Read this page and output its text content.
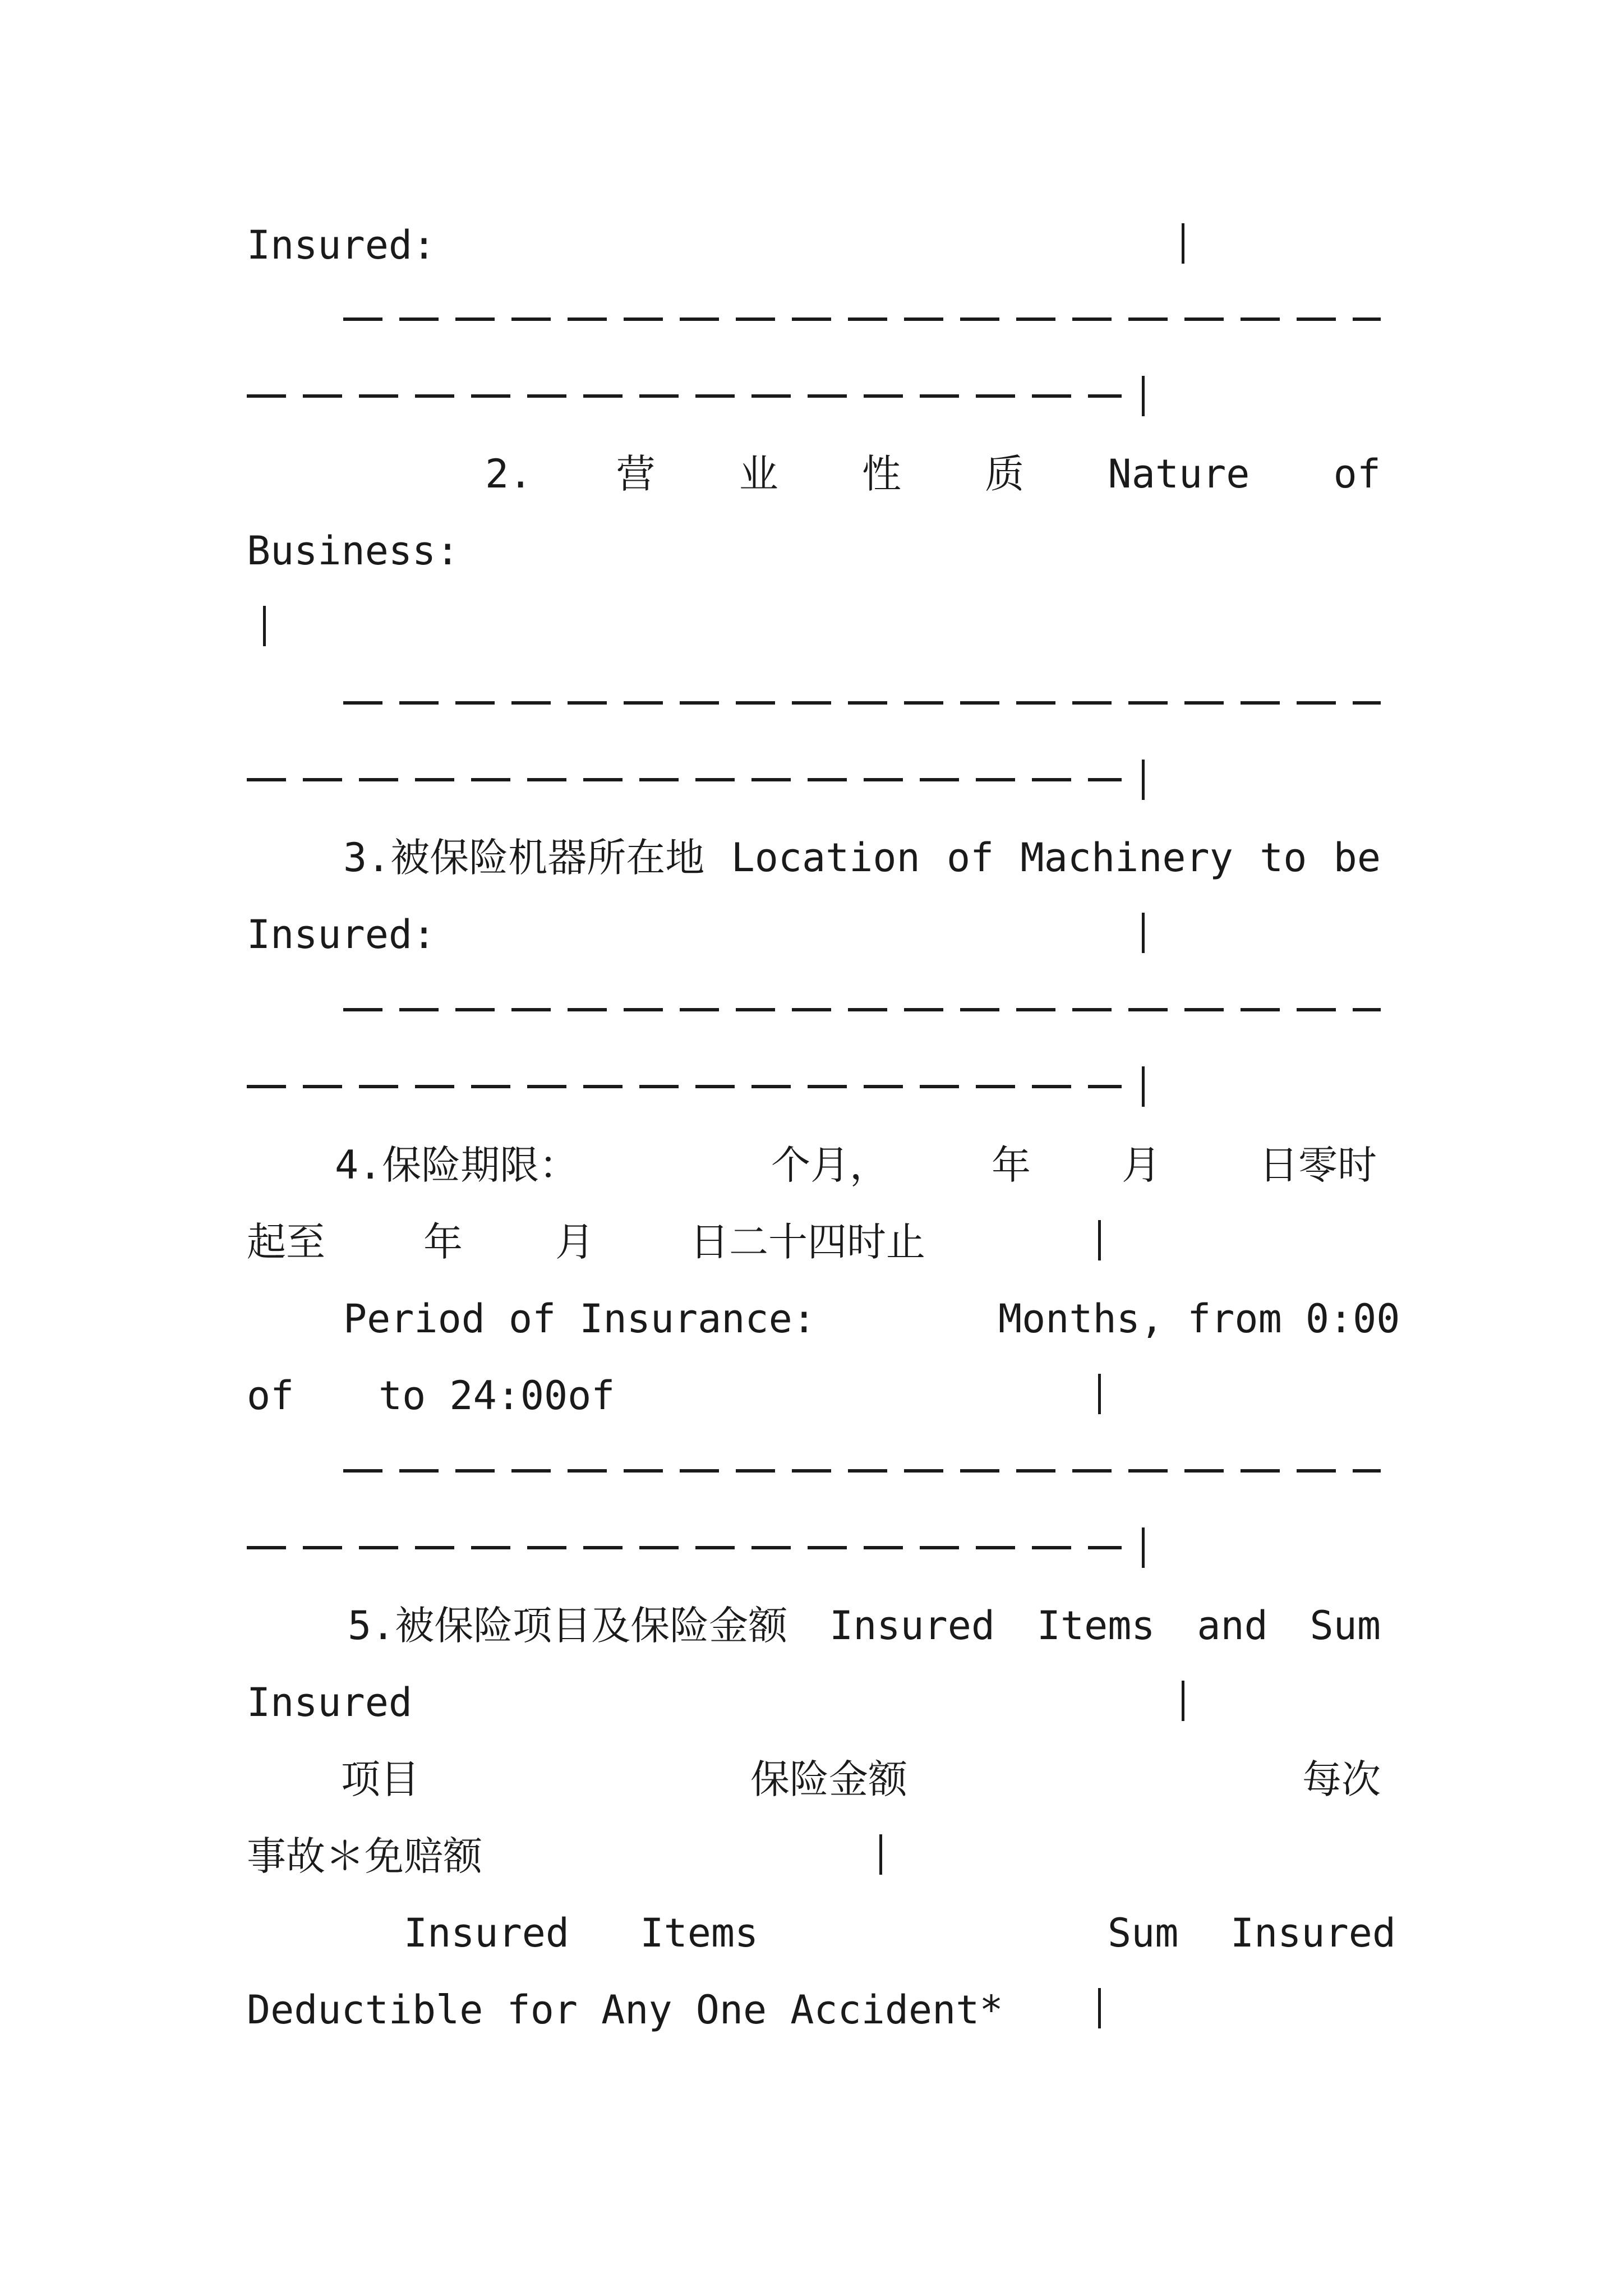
Insured:
2. 营 业 性 质 Nature of
Business:
3.被保险机器所在地 Location of Machinery to be
Insured:
4.保险期限：	个月，	年 月	日零时
起至	年 月 日二十四时止
Period of Insurance:	Months, from 0:00
of to 24:00of
5.被保险项目及保险金额 Insured Items and Sum
Insured
项目	保险金额	每次
事故＊免赔额
Insured   Items	Sum Insured
Deductible for Any One Accident*
